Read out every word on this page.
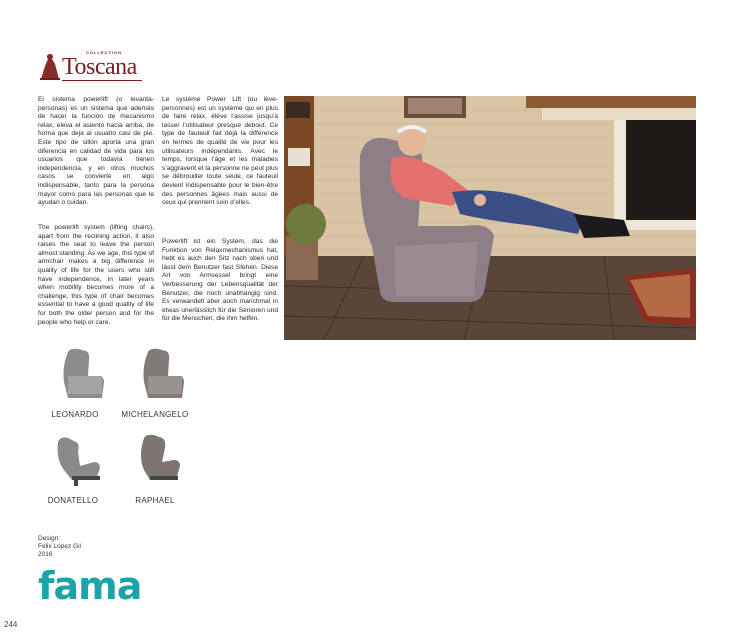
COLLECTION
Toscana
El sistema powerlift (o levanta-personas) es un sistema que además de hacer la función de mecanismo relax, eleva el asiento hacia arriba, de forma que deja al usuario casi de pie. Este tipo de sillón aporta una gran diferencia en calidad de vida para los usuarios que todavía tienen independencia, y en otros muchos casos se convierte en algo indispensable, tanto para la persona mayor como para las personas que le ayudan o cuidan.
The powerlift system (lifting chairs), apart from the reclining action, it also raises the seat to leave the person almost standing. As we age, this type of armchair makes a big difference in quality of life for the users who still have independence, in later years when mobility becomes more of a challenge, this type of chair becomes essential to have a good quality of life for both the older person and for the people who help or care.
Le système Power Lift (ou lève-personnes) est un système qui en plus de faire relax, élève l’assise jusqu’à lasser l’utilisateur presque debout. Ce type de fauteuil fait déjà la différence en termes de qualité de vie pour les utilisateurs indépendants. Avec le temps, lorsque l’âge et les maladies s’aggravent et la personne ne peut plus se débrouiller toute seule, ce fauteuil devient indispensable pour le bien-être des personnes âgées mais aussi de ceux qui prennent soin d’elles.
Powerlift ist ein System, das die Funktion von Relaxmechanismus hat, hebt es auch den Sitz nach oben und lässt dem Benutzer fast Stehen. Diese Art von Armsessel bringt eine Verbesserung der Lebensqualität der Benutzer, die noch unabhängig sind. Es verwandelt aber auch manchmal in etwas unerlässlich für die Senioren und für die Menschen, die ihm helfen.
LEONARDO	MICHELANGELO
DONATELLO	RAPHAEL
Design:
Félix López Gil
2016
fama
244
